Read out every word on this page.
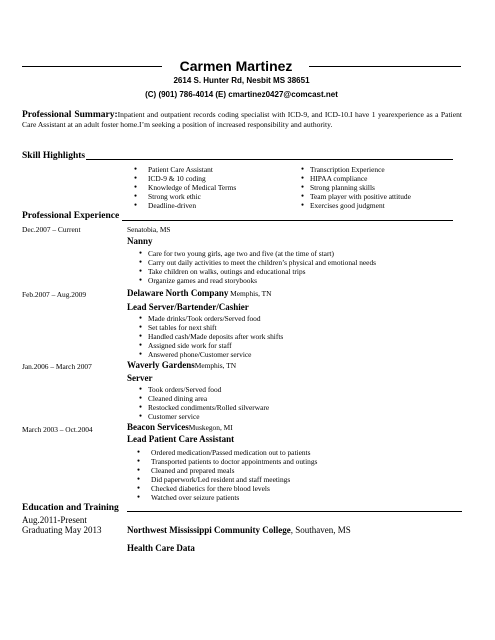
Carmen Martinez
2614 S. Hunter Rd, Nesbit MS 38651
(C) (901) 786-4014 (E) cmartinez0427@comcast.net
Professional Summary:Inpatient and outpatient records coding specialist with ICD-9, and ICD-10.I have 1 yearexperience as a Patient Care Assistant at an adult foster home.I’m seeking a position of increased responsibility and authority.
Skill Highlights
● Patient Care Assistant
● ICD-9 & 10 coding
● Knowledge of Medical Terms
● Strong work ethic
● Deadline-driven
● Transcription Experience
● HIPAA compliance
● Strong planning skills
● Team player with positive attitude
● Exercises good judgment
Professional Experience
Dec.2007 – Current	Senatobia, MS
Nanny
● Care for two young girls, age two and five (at the time of start)
● Carry out daily activities to meet the children’s physical and emotional needs
● Take children on walks, outings and educational trips
● Organize games and read storybooks
Feb.2007 – Aug.2009	Delaware North Company Memphis, TN
Lead Server/Bartender/Cashier
● Made drinks/Took orders/Served food
● Set tables for next shift
● Handled cash/Made deposits after work shifts
● Assigned side work for staff
● Answered phone/Customer service
Jan.2006 – March 2007	Waverly GardensMemphis, TN
Server
● Took orders/Served food
● Cleaned dining area
● Restocked condiments/Rolled silverware
● Customer service
March 2003 – Oct.2004	Beacon ServicesMuskegon, MI
Lead Patient Care Assistant
● Ordered medication/Passed medication out to patients
● Transported patients to doctor appointments and outings
● Cleaned and prepared meals
● Did paperwork/Led resident and staff meetings
● Checked diabetics for there blood levels
● Watched over seizure patients
Education and Training
Aug.2011-Present
Graduating May 2013	Northwest Mississippi Community College, Southaven, MS
Health Care Data
